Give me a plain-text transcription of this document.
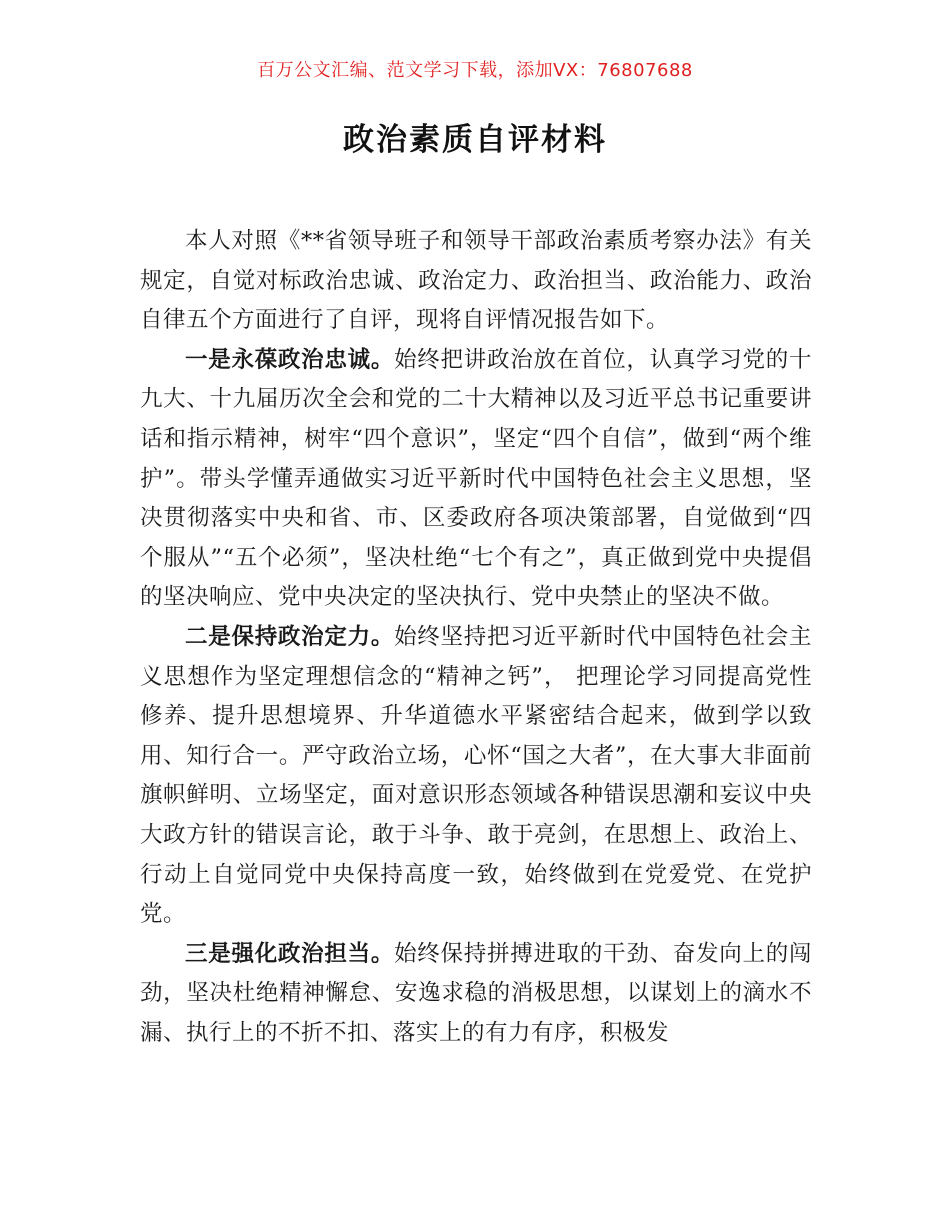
百万公文汇编、范文学习下载，添加VX：76807688
政治素质自评材料

本人对照《**省领导班子和领导干部政治素质考察办法》有关规定，自觉对标政治忠诚、政治定力、政治担当、政治能力、政治自律五个方面进行了自评，现将自评情况报告如下。

一是永葆政治忠诚。始终把讲政治放在首位，认真学习党的十九大、十九届历次全会和党的二十大精神以及习近平总书记重要讲话和指示精神，树牢“四个意识”，坚定“四个自信”，做到“两个维护”。带头学懂弄通做实习近平新时代中国特色社会主义思想，坚决贯彻落实中央和省、市、区委政府各项决策部署，自觉做到“四个服从”“五个必须”，坚决杜绝“七个有之”，真正做到党中央提倡的坚决响应、党中央决定的坚决执行、党中央禁止的坚决不做。

二是保持政治定力。始终坚持把习近平新时代中国特色社会主义思想作为坚定理想信念的“精神之钙”， 把理论学习同提高党性修养、提升思想境界、升华道德水平紧密结合起来，做到学以致用、知行合一。严守政治立场，心怀“国之大者”，在大事大非面前旗帜鲜明、立场坚定，面对意识形态领域各种错误思潮和妄议中央大政方针的错误言论，敢于斗争、敢于亮剑，在思想上、政治上、行动上自觉同党中央保持高度一致，始终做到在党爱党、在党护党。

三是强化政治担当。始终保持拼搏进取的干劲、奋发向上的闯劲，坚决杜绝精神懈怠、安逸求稳的消极思想，以谋划上的滴水不漏、执行上的不折不扣、落实上的有力有序，积极发
